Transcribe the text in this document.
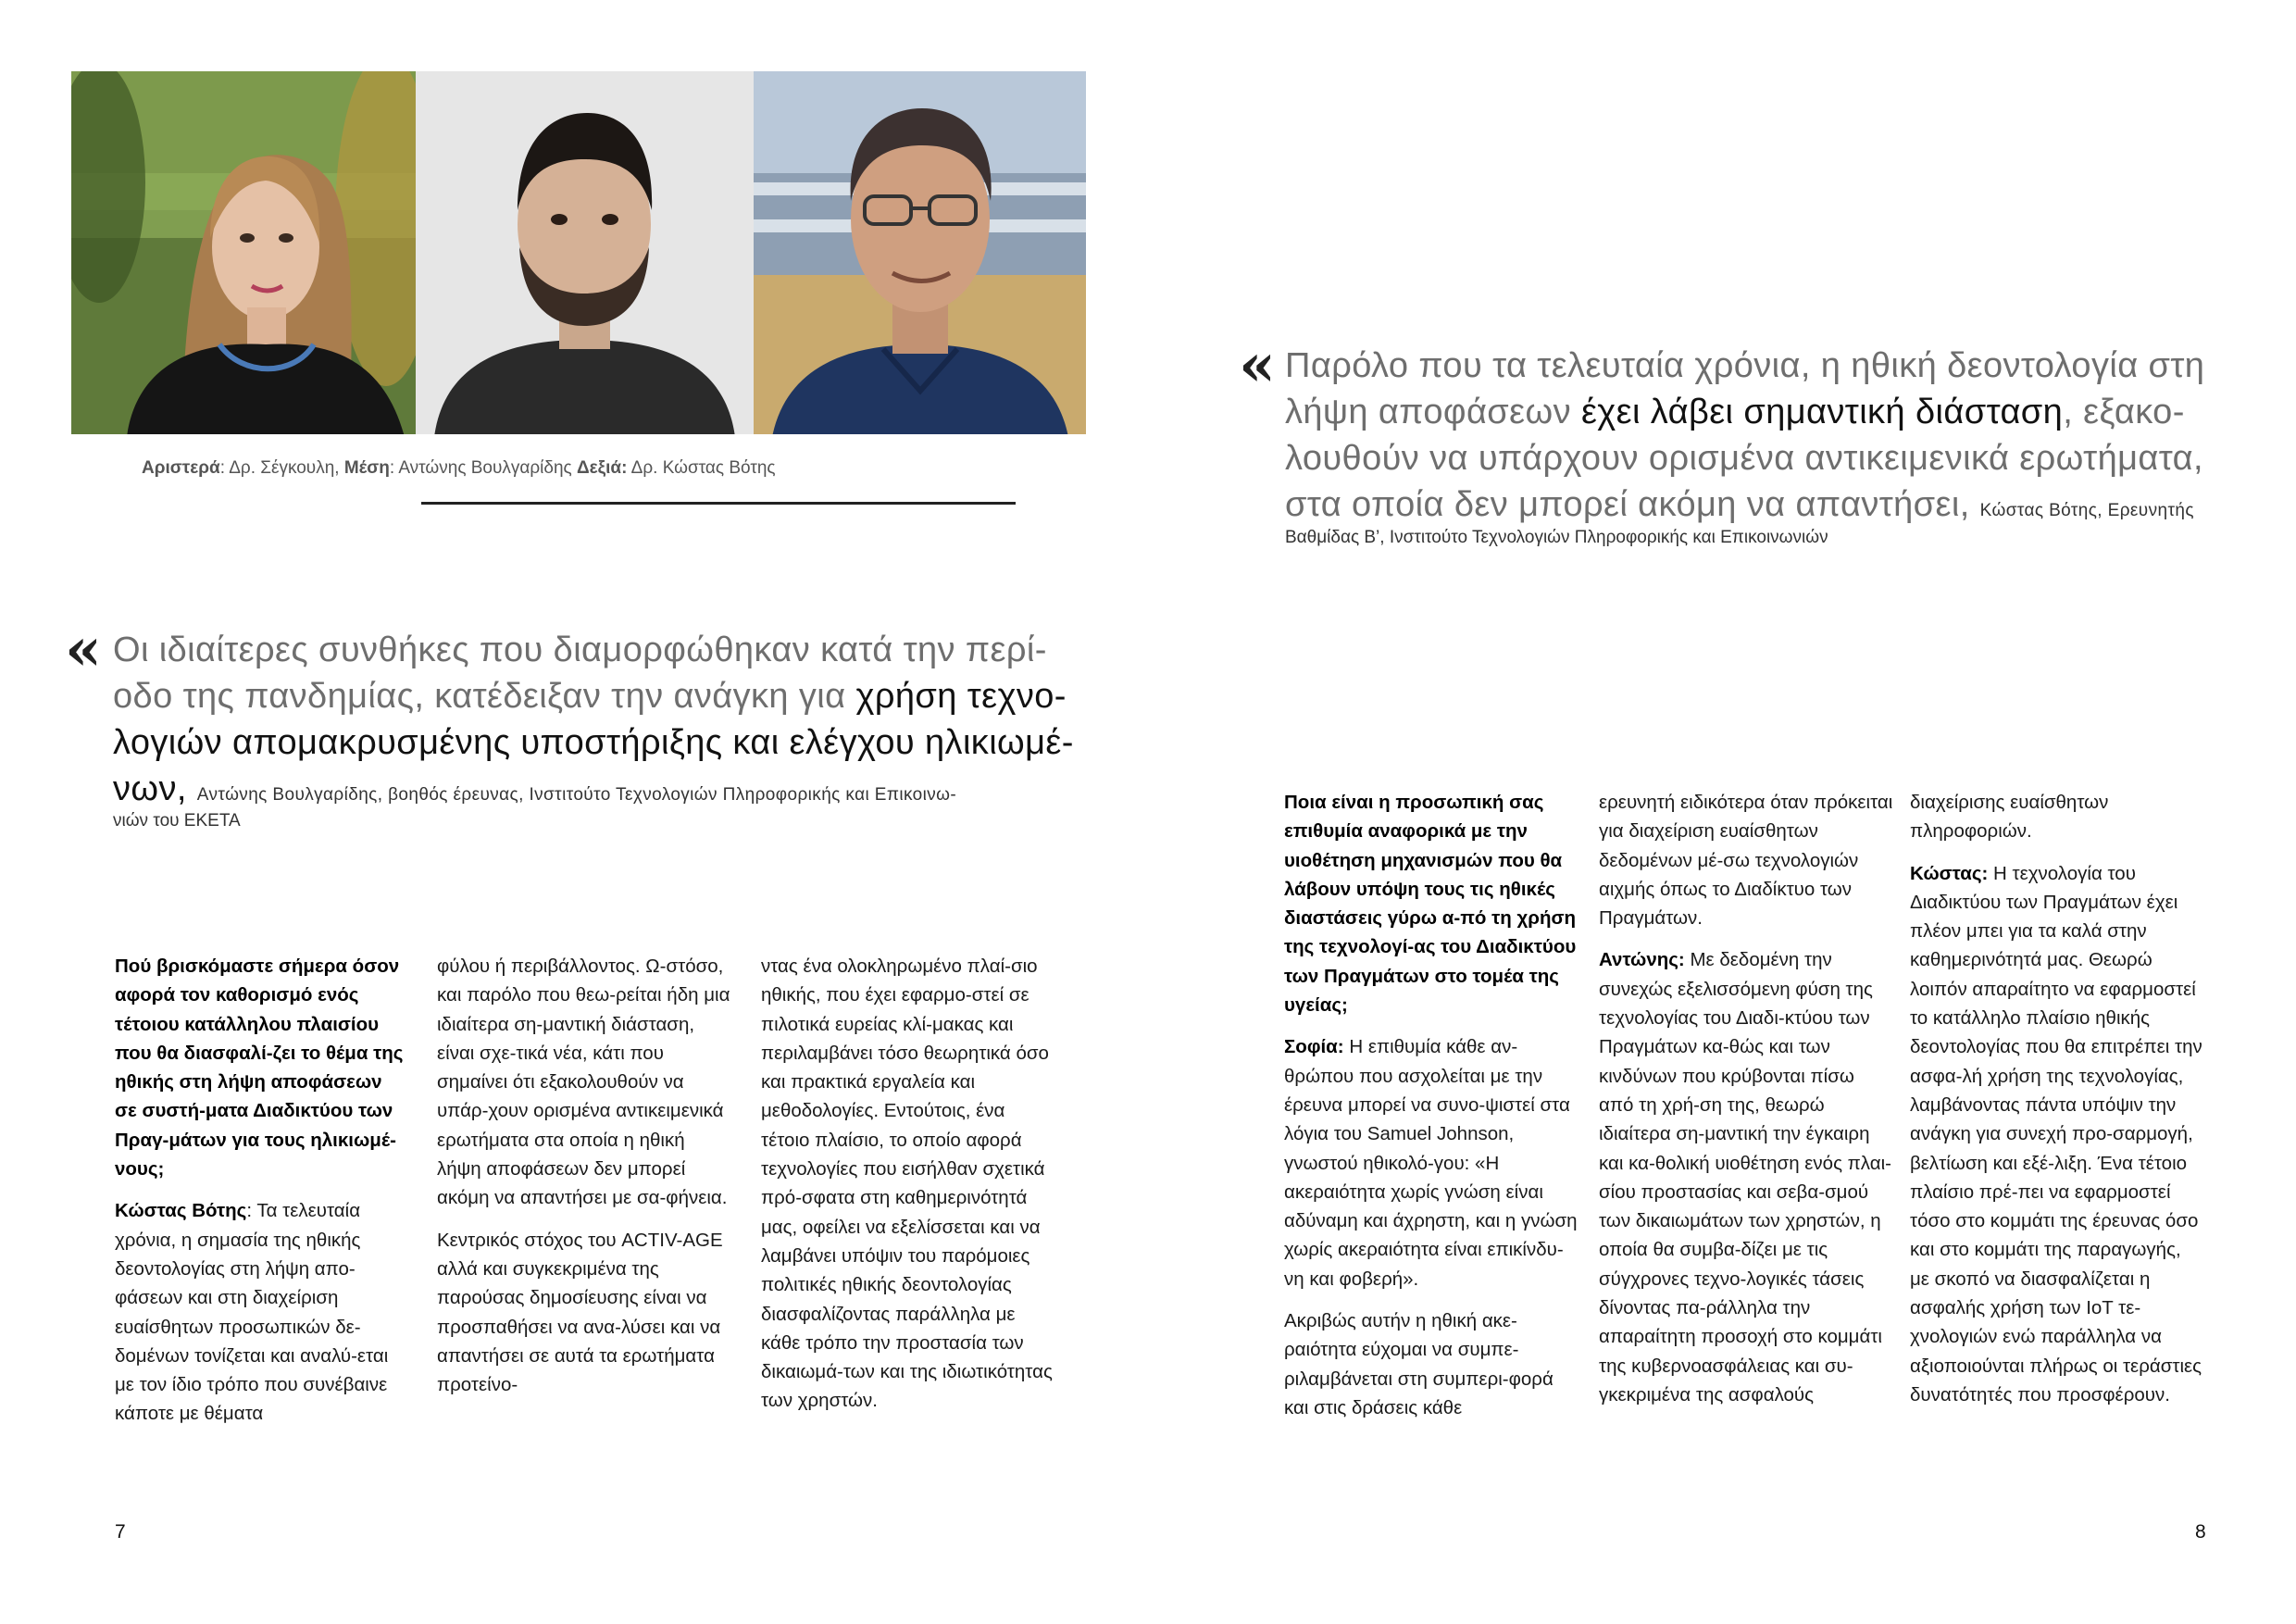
Αριστερά: Δρ. Σέγκουλη, Μέση: Αντώνης Βουλγαρίδης Δεξιά: Δρ. Κώστας Βότης
« Παρόλο που τα τελευταία χρόνια, η ηθική δεοντολογία στη
λήψη αποφάσεων έχει λάβει σημαντική διάσταση, εξακο-
λουθούν να υπάρχουν ορισμένα αντικειμενικά ερωτήματα,
στα οποία δεν μπορεί ακόμη να απαντήσει, Κώστας Βότης, Ερευνητής
Βαθμίδας Β’, Ινστιτούτο Τεχνολογιών Πληροφορικής και Επικοινωνιών
« Οι ιδιαίτερες συνθήκες που διαμορφώθηκαν κατά την περί-
οδο της πανδημίας, κατέδειξαν την ανάγκη για χρήση τεχνο-
λογιών απομακρυσμένης υποστήριξης και ελέγχου ηλικιωμέ-
νων, Αντώνης Βουλγαρίδης, βοηθός έρευνας, Ινστιτούτο Τεχνολογιών Πληροφορικής και Επικοινω-
νιών του ΕΚΕΤΑ

Πού βρισκόμαστε σήμερα όσον αφορά τον καθορισμό ενός τέτοιου κατάλληλου πλαισίου που θα διασφαλί-ζει το θέμα της ηθικής στη λήψη αποφάσεων σε συστή-ματα Διαδικτύου των Πραγ-μάτων για τους ηλικιωμέ-νους;

Κώστας Βότης: Τα τελευταία χρόνια, η σημασία της ηθικής δεοντολογίας στη λήψη απο-φάσεων και στη διαχείριση ευαίσθητων προσωπικών δε-δομένων τονίζεται και αναλύ-εται με τον ίδιο τρόπο που συνέβαινε κάποτε με θέματα

φύλου ή περιβάλλοντος. Ω-στόσο, και παρόλο που θεω-ρείται ήδη μια ιδιαίτερα ση-μαντική διάσταση, είναι σχε-τικά νέα, κάτι που σημαίνει ότι εξακολουθούν να υπάρ-χουν ορισμένα αντικειμενικά ερωτήματα στα οποία η ηθική λήψη αποφάσεων δεν μπορεί ακόμη να απαντήσει με σα-φήνεια.

Κεντρικός στόχος του ACTIV-AGE αλλά και συγκεκριμένα της παρούσας δημοσίευσης είναι να προσπαθήσει να ανα-λύσει και να απαντήσει σε αυτά τα ερωτήματα προτείνο-

ντας ένα ολοκληρωμένο πλαί-σιο ηθικής, που έχει εφαρμο-στεί σε πιλοτικά ευρείας κλί-μακας και περιλαμβάνει τόσο θεωρητικά όσο και πρακτικά εργαλεία και μεθοδολογίες. Εντούτοις, ένα τέτοιο πλαίσιο, το οποίο αφορά τεχνολογίες που εισήλθαν σχετικά πρό-σφατα στη καθημερινότητά μας, οφείλει να εξελίσσεται και να λαμβάνει υπόψιν του παρόμοιες πολιτικές ηθικής δεοντολογίας διασφαλίζοντας παράλληλα με κάθε τρόπο την προστασία των δικαιωμά-των και της ιδιωτικότητας των χρηστών.

7

Ποια είναι η προσωπική σας επιθυμία αναφορικά με την υιοθέτηση μηχανισμών που θα λάβουν υπόψη τους τις ηθικές διαστάσεις γύρω α-πό τη χρήση της τεχνολογί-ας του Διαδικτύου των Πραγμάτων στο τομέα της υγείας;

Σοφία: Η επιθυμία κάθε αν-θρώπου που ασχολείται με την έρευνα μπορεί να συνο-ψιστεί στα λόγια του Samuel Johnson, γνωστού ηθικολό-γου: «Η ακεραιότητα χωρίς γνώση είναι αδύναμη και άχρηστη, και η γνώση χωρίς ακεραιότητα είναι επικίνδυ-νη και φοβερή».

Ακριβώς αυτήν η ηθική ακε-ραιότητα εύχομαι να συμπε-ριλαμβάνεται στη συμπερι-φορά και στις δράσεις κάθε

ερευνητή ειδικότερα όταν πρόκειται για διαχείριση ευαίσθητων δεδομένων μέ-σω τεχνολογιών αιχμής όπως το Διαδίκτυο των Πραγμάτων.

Αντώνης: Με δεδομένη την συνεχώς εξελισσόμενη φύση της τεχνολογίας του Διαδι-κτύου των Πραγμάτων κα-θώς και των κινδύνων που κρύβονται πίσω από τη χρή-ση της, θεωρώ ιδιαίτερα ση-μαντική την έγκαιρη και κα-θολική υιοθέτηση ενός πλαι-σίου προστασίας και σεβα-σμού των δικαιωμάτων των χρηστών, η οποία θα συμβα-δίζει με τις σύγχρονες τεχνο-λογικές τάσεις δίνοντας πα-ράλληλα την απαραίτητη προσοχή στο κομμάτι της κυβερνοασφάλειας και συ-γκεκριμένα της ασφαλούς

διαχείρισης ευαίσθητων πληροφοριών.

Κώστας: Η τεχνολογία του Διαδικτύου των Πραγμάτων έχει πλέον μπει για τα καλά στην καθημερινότητά μας. Θεωρώ λοιπόν απαραίτητο να εφαρμοστεί το κατάλληλο πλαίσιο ηθικής δεοντολογίας που θα επιτρέπει την ασφα-λή χρήση της τεχνολογίας, λαμβάνοντας πάντα υπόψιν την ανάγκη για συνεχή προ-σαρμογή, βελτίωση και εξέ-λιξη. Ένα τέτοιο πλαίσιο πρέ-πει να εφαρμοστεί τόσο στο κομμάτι της έρευνας όσο και στο κομμάτι της παραγωγής, με σκοπό να διασφαλίζεται η ασφαλής χρήση των IoT τε-χνολογιών ενώ παράλληλα να αξιοποιούνται πλήρως οι τεράστιες δυνατότητές που προσφέρουν.

8
